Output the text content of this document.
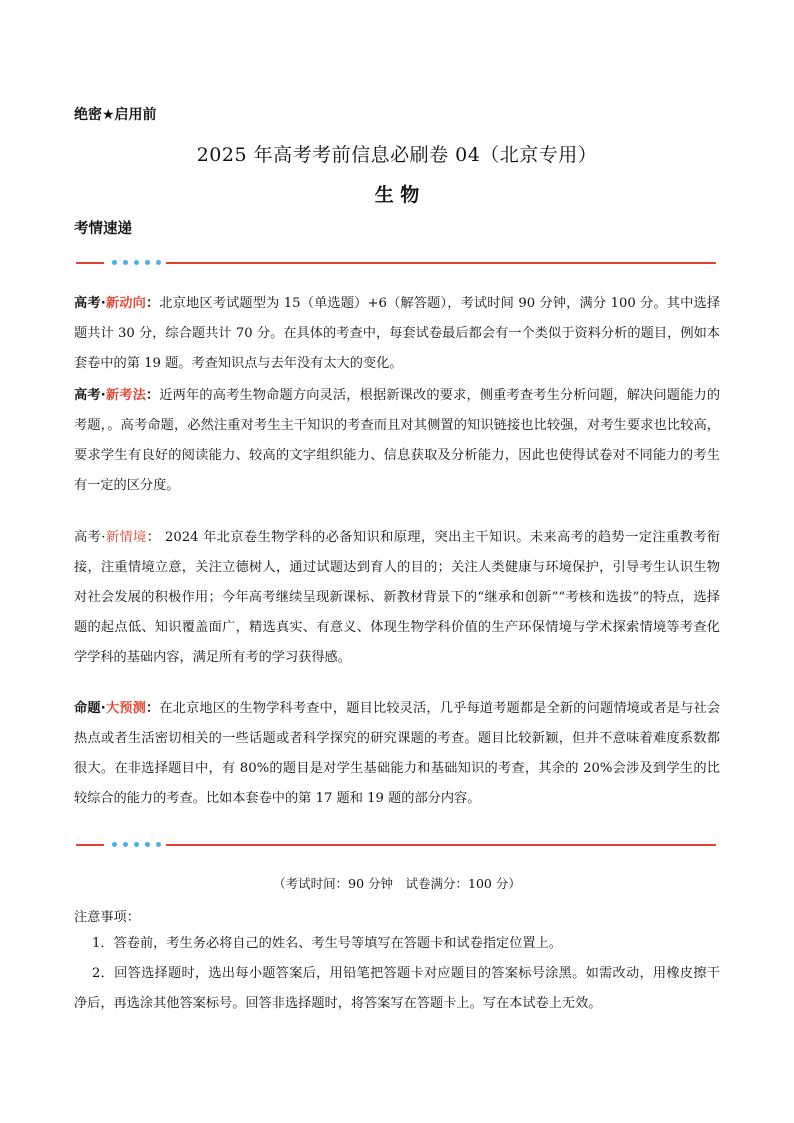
绝密★启用前
2025 年高考考前信息必刷卷 04（北京专用）
生 物
考情速递

高考·新动向：北京地区考试题型为 15（单选题）+6（解答题），考试时间 90 分钟，满分 100 分。其中选择题共计 30 分，综合题共计 70 分。在具体的考查中，每套试卷最后都会有一个类似于资料分析的题目，例如本套卷中的第 19 题。考查知识点与去年没有太大的变化。

高考·新考法：近两年的高考生物命题方向灵活，根据新课改的要求，侧重考查考生分析问题，解决问题能力的考题，。高考命题，必然注重对考生主干知识的考查而且对其侧置的知识链接也比较强，对考生要求也比较高，要求学生有良好的阅读能力、较高的文字组织能力、信息获取及分析能力，因此也使得试卷对不同能力的考生有一定的区分度。

高考·新情境： 2024 年北京卷生物学科的必备知识和原理，突出主干知识。未来高考的趋势一定注重教考衔接，注重情境立意，关注立德树人，通过试题达到育人的目的；关注人类健康与环境保护，引导考生认识生物对社会发展的积极作用；今年高考继续呈现新课标、新教材背景下的“继承和创新”“考核和选拔”的特点，选择题的起点低、知识覆盖面广，精选真实、有意义、体现生物学科价值的生产环保情境与学术探索情境等考查化学学科的基础内容，满足所有考的学习获得感。

命题·大预测：在北京地区的生物学科考查中，题目比较灵活，几乎每道考题都是全新的问题情境或者是与社会热点或者生活密切相关的一些话题或者科学探究的研究课题的考查。题目比较新颖，但并不意味着难度系数都很大。在非选择题目中，有 80%的题目是对学生基础能力和基础知识的考查，其余的 20%会涉及到学生的比较综合的能力的考查。比如本套卷中的第 17 题和 19 题的部分内容。

（考试时间：90 分钟　试卷满分：100 分）
注意事项：

1．答卷前，考生务必将自己的姓名、考生号等填写在答题卡和试卷指定位置上。

2．回答选择题时，选出每小题答案后，用铅笔把答题卡对应题目的答案标号涂黑。如需改动，用橡皮擦干净后，再选涂其他答案标号。回答非选择题时，将答案写在答题卡上。写在本试卷上无效。
